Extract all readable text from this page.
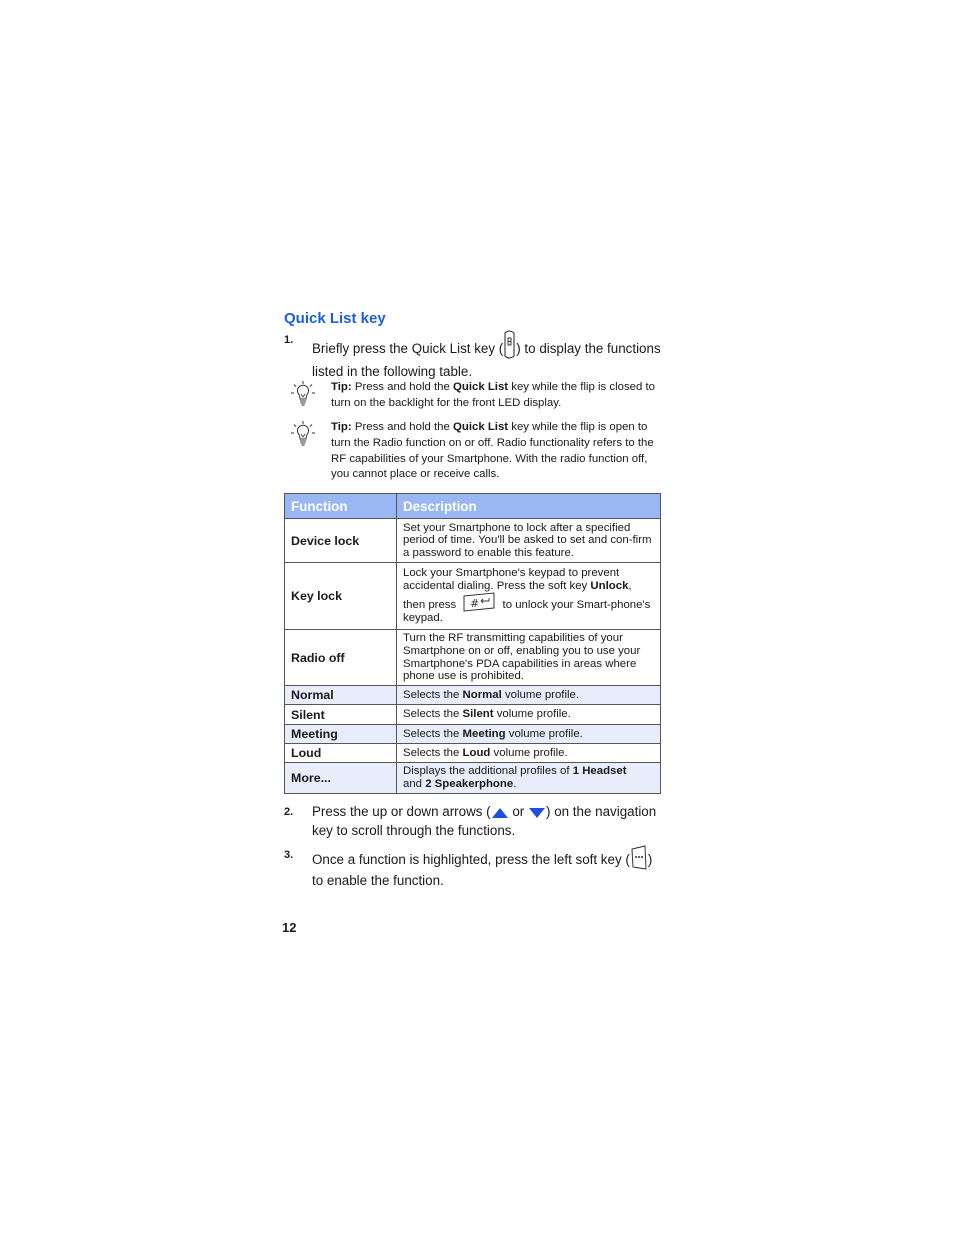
Quick List key
1.
Briefly press the Quick List key ( ) to display the functions listed in the following table.
Tip: Press and hold the Quick List key while the flip is closed to turn on the backlight for the front LED display.
Tip: Press and hold the Quick List key while the flip is open to turn the Radio function on or off. Radio functionality refers to the RF capabilities of your Smartphone. With the radio function off, you cannot place or receive calls.
Function	Description
Device lock	Set your Smartphone to lock after a specified period of time. You'll be asked to set and con-firm a password to enable this feature.
Key lock	Lock your Smartphone's keypad to prevent accidental dialing. Press the soft key Unlock,
then press # to unlock your Smart-phone's keypad.
Radio off	Turn the RF transmitting capabilities of your Smartphone on or off, enabling you to use your Smartphone's PDA capabilities in areas where phone use is prohibited.
Normal	Selects the Normal volume profile.
Silent	Selects the Silent volume profile.
Meeting	Selects the Meeting volume profile.
Loud	Selects the Loud volume profile.
More...	Displays the additional profiles of 1 Headset
and 2 Speakerphone.
2. Press the up or down arrows ( or ) on the navigation key to scroll through the functions.
3. Once a function is highlighted, press the left soft key ( ) to enable the function.
12
